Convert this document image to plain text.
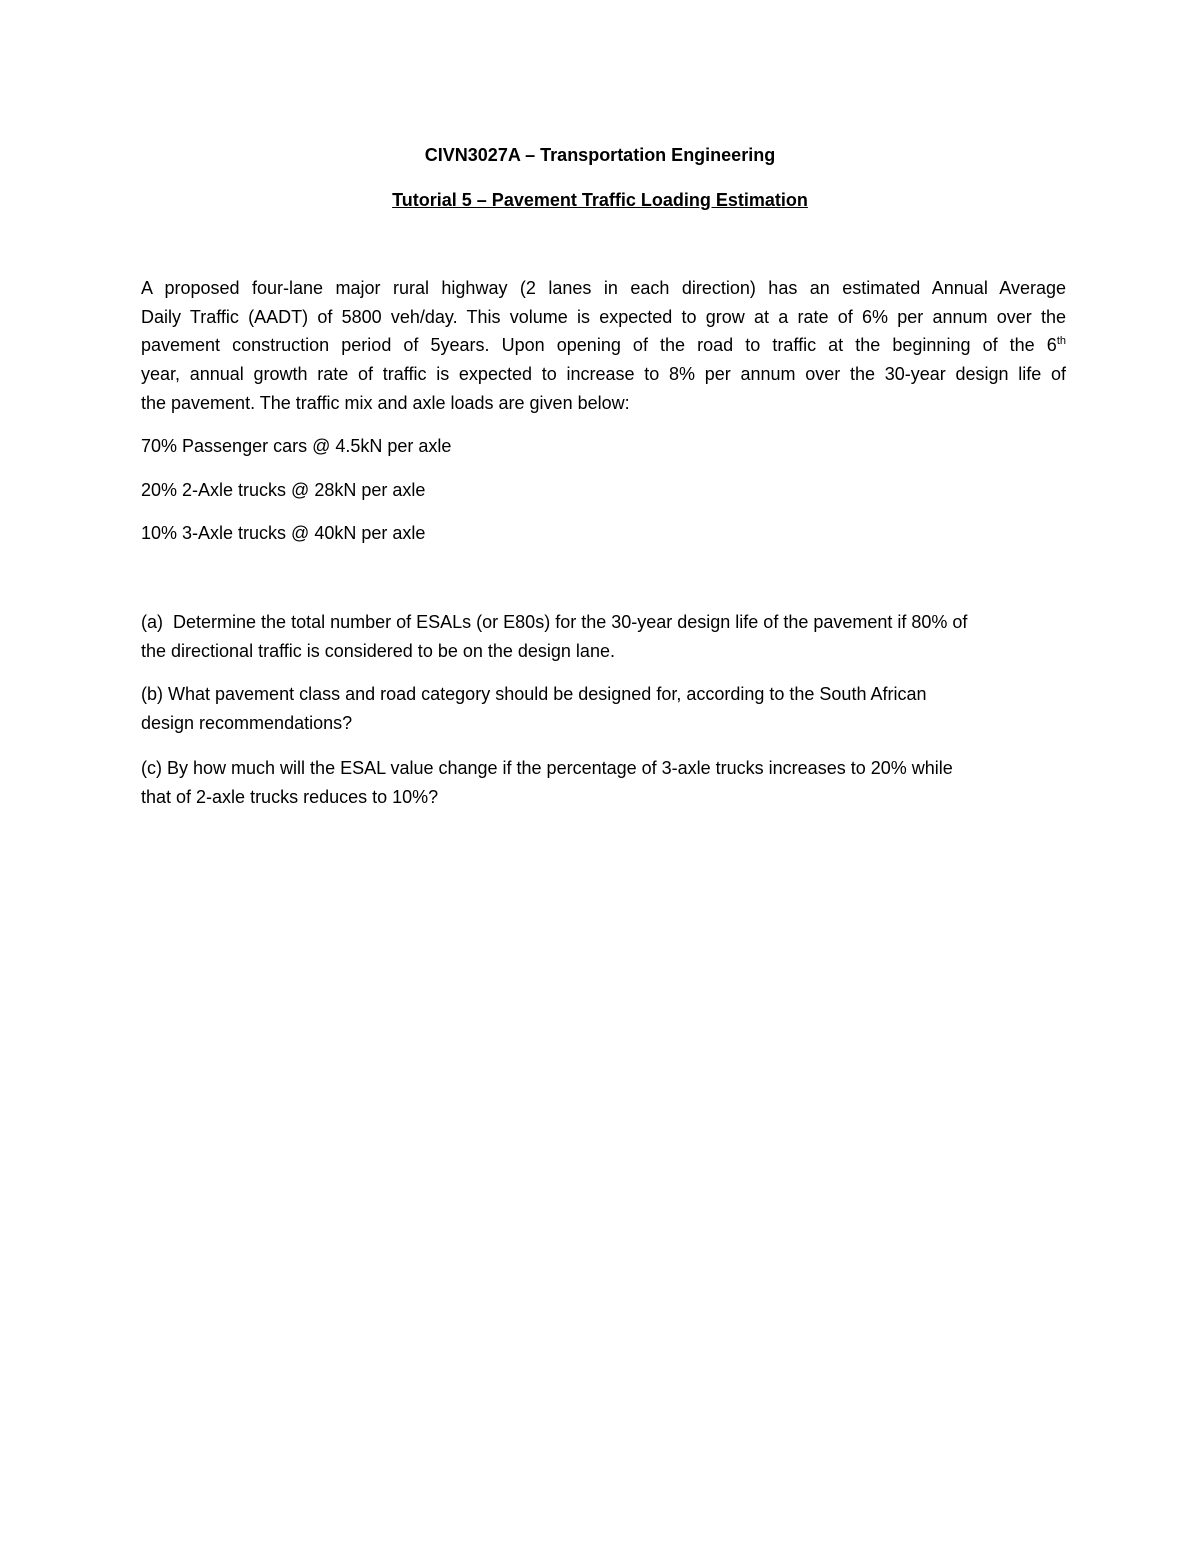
CIVN3027A – Transportation Engineering
Tutorial 5 – Pavement Traffic Loading Estimation
A proposed four-lane major rural highway (2 lanes in each direction) has an estimated Annual Average
Daily Traffic (AADT) of 5800 veh/day. This volume is expected to grow at a rate of 6% per annum over the
pavement construction period of 5years. Upon opening of the road to traffic at the beginning of the 6th
year, annual growth rate of traffic is expected to increase to 8% per annum over the 30-year design life of
the pavement. The traffic mix and axle loads are given below:
70% Passenger cars @ 4.5kN per axle
20% 2-Axle trucks @ 28kN per axle
10% 3-Axle trucks @ 40kN per axle
(a) Determine the total number of ESALs (or E80s) for the 30-year design life of the pavement if 80% of
the directional traffic is considered to be on the design lane.
(b) What pavement class and road category should be designed for, according to the South African
design recommendations?
(c) By how much will the ESAL value change if the percentage of 3-axle trucks increases to 20% while
that of 2-axle trucks reduces to 10%?
